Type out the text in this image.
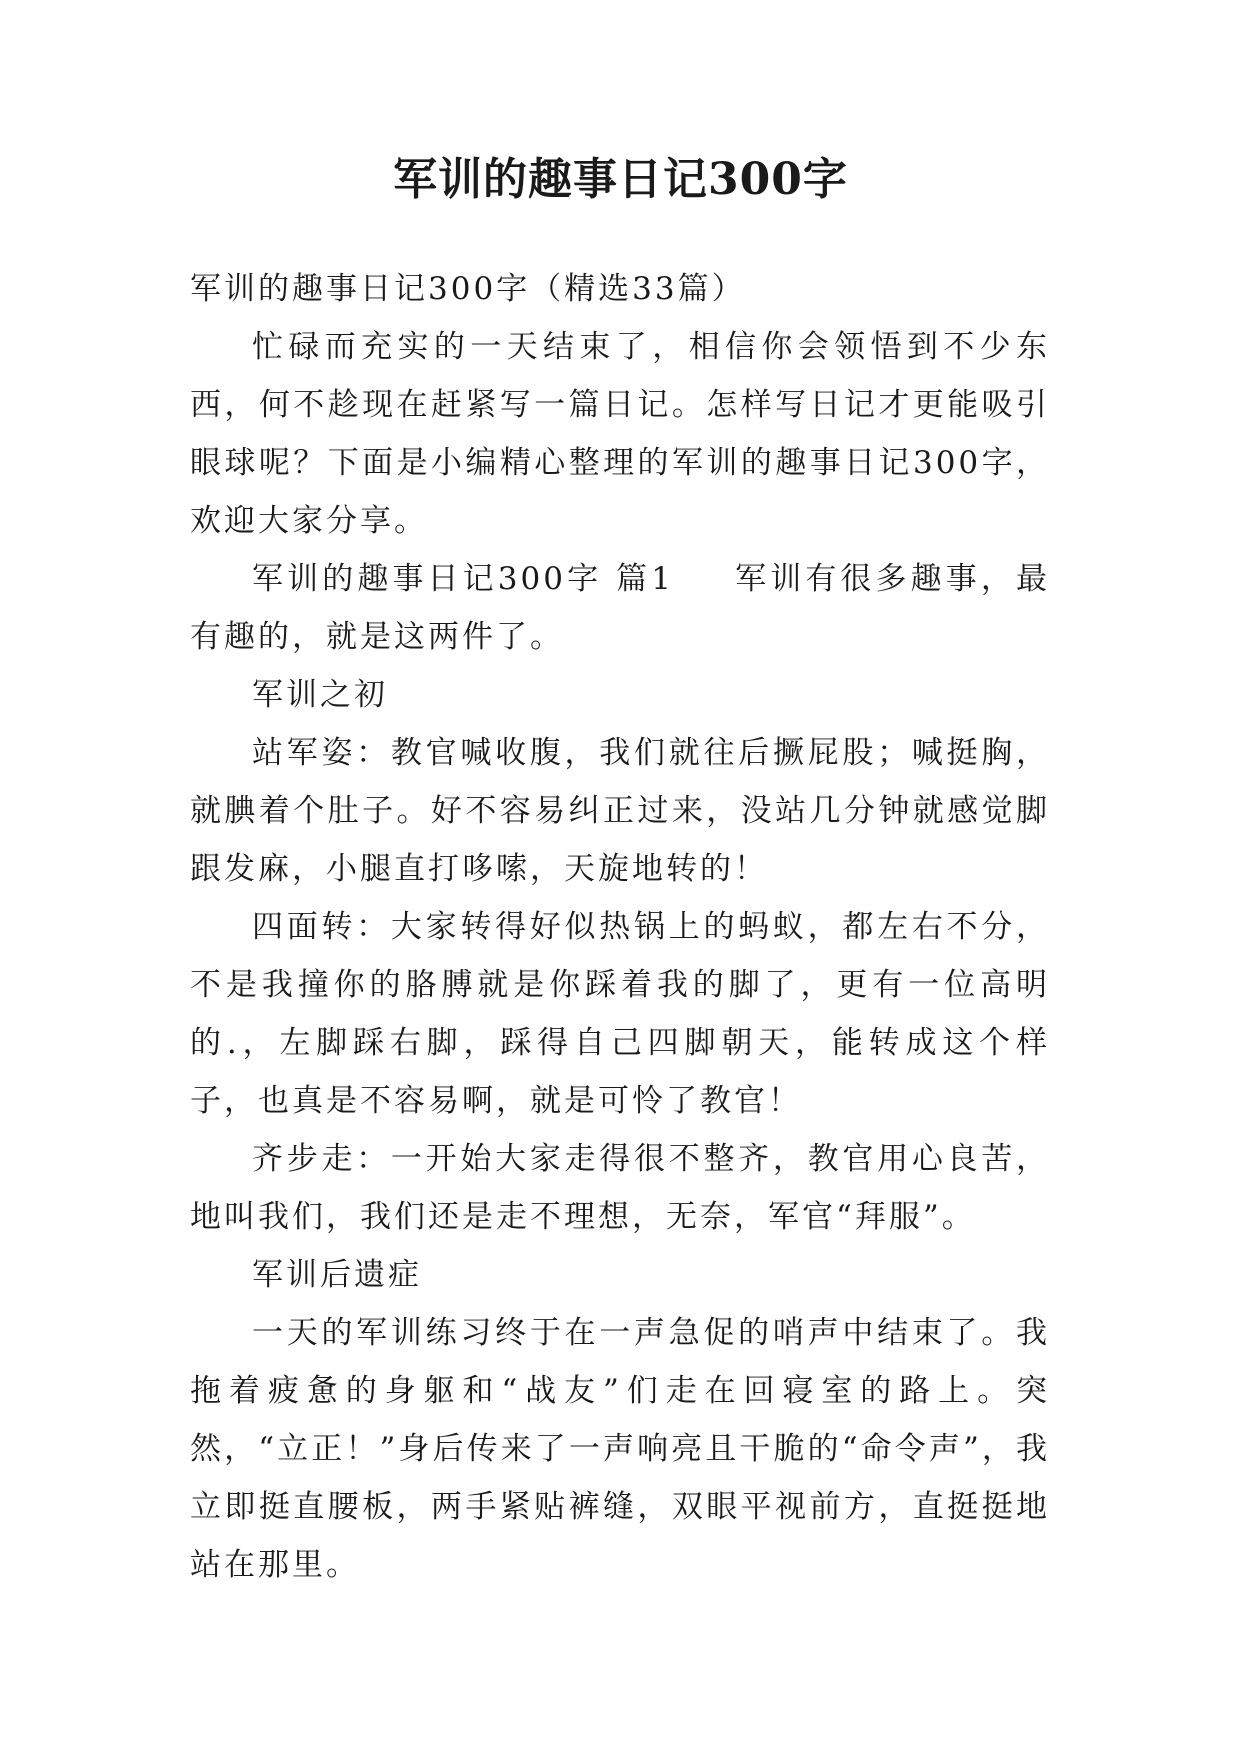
军训的趣事日记300字

军训的趣事日记300字（精选33篇）

忙碌而充实的一天结束了，相信你会领悟到不少东西，何不趁现在赶紧写一篇日记。怎样写日记才更能吸引眼球呢？下面是小编精心整理的军训的趣事日记300字，欢迎大家分享。

军训的趣事日记300字 篇1 军训有很多趣事，最有趣的，就是这两件了。

军训之初

站军姿：教官喊收腹，我们就往后撅屁股；喊挺胸，就腆着个肚子。好不容易纠正过来，没站几分钟就感觉脚跟发麻，小腿直打哆嗦，天旋地转的！

四面转：大家转得好似热锅上的蚂蚁，都左右不分，不是我撞你的胳膊就是你踩着我的脚了，更有一位高明的.，左脚踩右脚，踩得自己四脚朝天，能转成这个样子，也真是不容易啊，就是可怜了教官！

齐步走：一开始大家走得很不整齐，教官用心良苦，地叫我们，我们还是走不理想，无奈，军官“拜服”。

军训后遗症

一天的军训练习终于在一声急促的哨声中结束了。我拖着疲惫的身躯和“战友”们走在回寝室的路上。突然，“立正！”身后传来了一声响亮且干脆的“命令声”，我立即挺直腰板，两手紧贴裤缝，双眼平视前方，直挺挺地站在那里。
